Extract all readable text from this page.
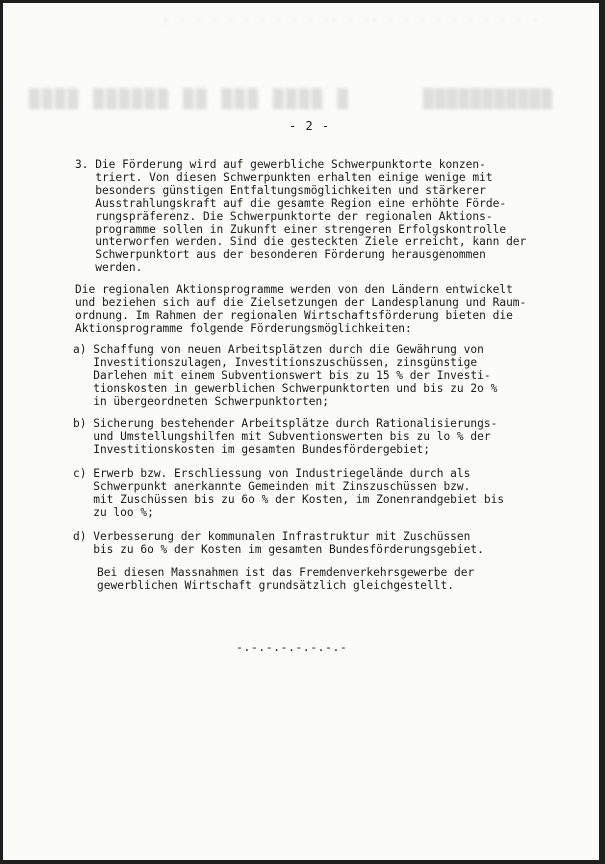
: · · · · · · · · · ·· · ·· · · · · · · · · · ·
▒▒▒▒ ▒▒▒▒▒▒ ▒▒ ▒▒▒ ▒▒▒▒ ▒	▒▒▒▒▒▒▒▒▒▒▒
- 2 -
3. Die Förderung wird auf gewerbliche Schwerpunktorte konzen-
triert. Von diesen Schwerpunkten erhalten einige wenige mit
besonders günstigen Entfaltungsmöglichkeiten und stärkerer
Ausstrahlungskraft auf die gesamte Region eine erhöhte Förde-
rungspräferenz. Die Schwerpunktorte der regionalen Aktions-
programme sollen in Zukunft einer strengeren Erfolgskontrolle
unterworfen werden. Sind die gesteckten Ziele erreicht, kann der
Schwerpunktort aus der besonderen Förderung herausgenommen
werden.
Die regionalen Aktionsprogramme werden von den Ländern entwickelt
und beziehen sich auf die Zielsetzungen der Landesplanung und Raum-
ordnung. Im Rahmen der regionalen Wirtschaftsförderung bieten die
Aktionsprogramme folgende Förderungsmöglichkeiten:
a) Schaffung von neuen Arbeitsplätzen durch die Gewährung von
Investitionszulagen, Investitionszuschüssen, zinsgünstige
Darlehen mit einem Subventionswert bis zu 15 % der Investi-
tionskosten in gewerblichen Schwerpunktorten und bis zu 2o %
in übergeordneten Schwerpunktorten;
b) Sicherung bestehender Arbeitsplätze durch Rationalisierungs-
und Umstellungshilfen mit Subventionswerten bis zu lo % der
Investitionskosten im gesamten Bundesfördergebiet;
c) Erwerb bzw. Erschliessung von Industriegelände durch als
Schwerpunkt anerkannte Gemeinden mit Zinszuschüssen bzw.
mit Zuschüssen bis zu 6o % der Kosten, im Zonenrandgebiet bis
zu loo %;
d) Verbesserung der kommunalen Infrastruktur mit Zuschüssen
bis zu 6o % der Kosten im gesamten Bundesförderungsgebiet.
Bei diesen Massnahmen ist das Fremdenverkehrsgewerbe der
gewerblichen Wirtschaft grundsätzlich gleichgestellt.
-.-.-.-.-.-.-.-
